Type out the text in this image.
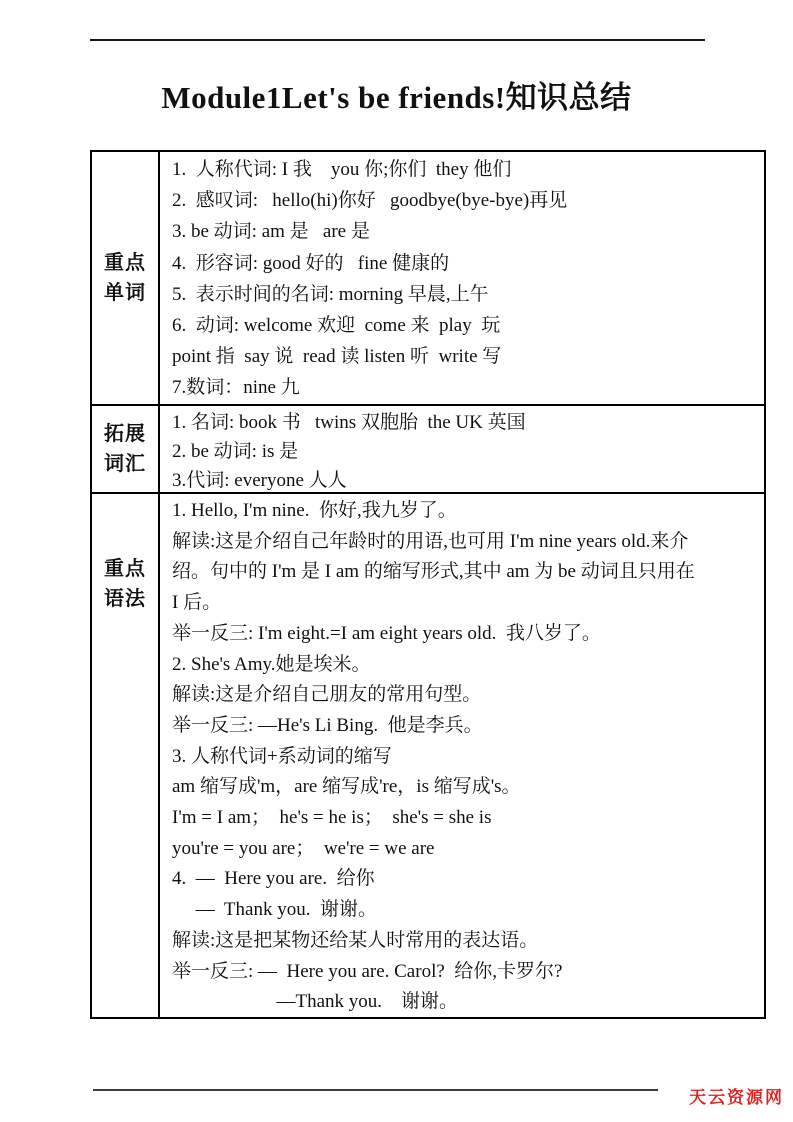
Module1Let's be friends!知识总结
重点
单词
1.  人称代词: I 我    you 你;你们  they 他们
2.  感叹词:   hello(hi)你好   goodbye(bye-bye)再见
3. be 动词: am 是   are 是
4.  形容词: good 好的   fine 健康的
5.  表示时间的名词: morning 早晨,上午
6.  动词: welcome 欢迎  come 来  play  玩
point 指  say 说  read 读 listen 听  write 写
7.数词：nine 九
拓展
词汇
1. 名词: book 书   twins 双胞胎  the UK 英国
2. be 动词: is 是
3.代词: everyone 人人
重点
语法
1. Hello, I'm nine.  你好,我九岁了。
解读:这是介绍自己年龄时的用语,也可用 I'm nine years old.来介
绍。句中的 I'm 是 I am 的缩写形式,其中 am 为 be 动词且只用在
I 后。
举一反三: I'm eight.=I am eight years old.  我八岁了。
2. She's Amy.她是埃米。
解读:这是介绍自己朋友的常用句型。
举一反三: —He's Li Bing.  他是李兵。
3. 人称代词+系动词的缩写
am 缩写成'm，are 缩写成're，is 缩写成's。
I'm = I am；  he's = he is；  she's = she is
you're = you are；  we're = we are
4.  —  Here you are.  给你
—  Thank you.  谢谢。
解读:这是把某物还给某人时常用的表达语。
举一反三: —  Here you are. Carol?  给你,卡罗尔?
—Thank you.    谢谢。
天云资源网
